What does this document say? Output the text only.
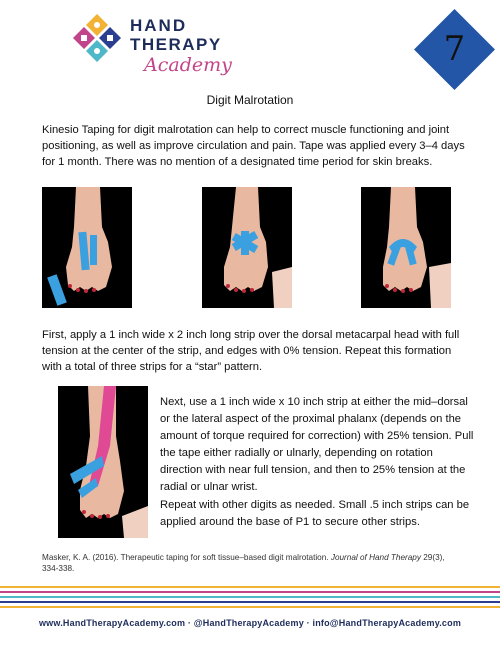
HAND
THERAPY
Academy	7
Digit Malrotation
Kinesio Taping for digit malrotation can help to correct muscle functioning and joint positioning, as well as improve circulation and pain. Tape was applied every 3–4 days for 1 month. There was no mention of a designated time period for skin breaks.
First, apply a 1 inch wide x 2 inch long strip over the dorsal metacarpal head with full tension at the center of the strip, and edges with 0% tension. Repeat this formation with a total of three strips for a “star” pattern.
Next, use a 1 inch wide x 10 inch strip at either the mid–dorsal or the lateral aspect of the proximal phalanx (depends on the amount of torque required for correction) with 25% tension. Pull the tape either radially or ulnarly, depending on rotation direction with near full tension, and then to 25% tension at the radial or ulnar wrist.
Repeat with other digits as needed. Small .5 inch strips can be applied around the base of P1 to secure other strips.
Masker, K. A. (2016). Therapeutic taping for soft tissue–based digit malrotation. Journal of Hand Therapy 29(3), 334-338.
www.HandTherapyAcademy.com · @HandTherapyAcademy · info@HandTherapyAcademy.com
